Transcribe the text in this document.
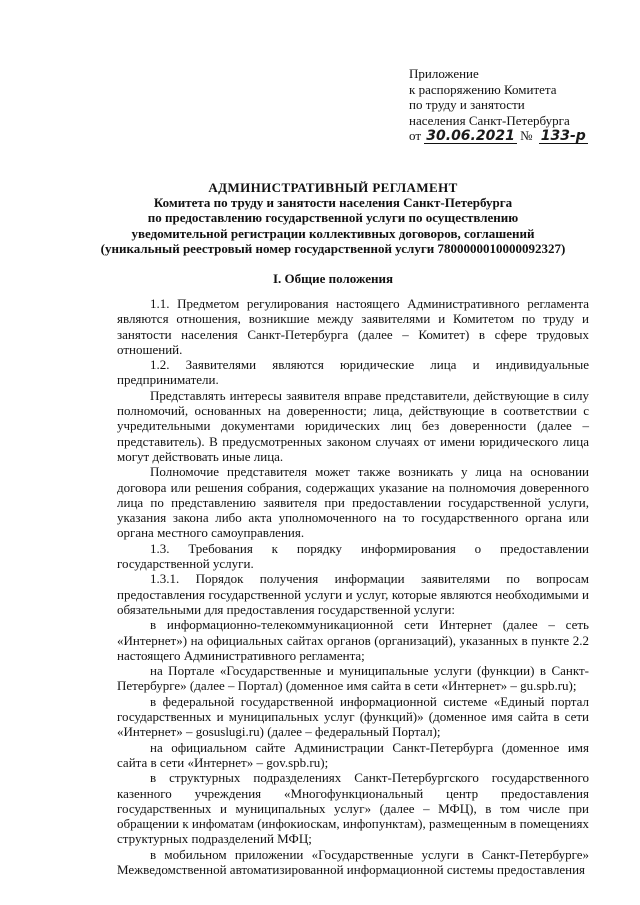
Приложение
к распоряжению Комитета
по труду и занятости
населения Санкт-Петербурга
от 30.06.2021 № 133-р
АДМИНИСТРАТИВНЫЙ РЕГЛАМЕНТ
Комитета по труду и занятости населения Санкт-Петербурга
по предоставлению государственной услуги по осуществлению
уведомительной регистрации коллективных договоров, соглашений
(уникальный реестровый номер государственной услуги 7800000010000092327)
I. Общие положения

1.1. Предметом регулирования настоящего Административного регламента являются отношения, возникшие между заявителями и Комитетом по труду и занятости населения Санкт-Петербурга (далее – Комитет) в сфере трудовых отношений.

1.2. Заявителями являются юридические лица и индивидуальные предприниматели.

Представлять интересы заявителя вправе представители, действующие в силу полномочий, основанных на доверенности; лица, действующие в соответствии с учредительными документами юридических лиц без доверенности (далее – представитель). В предусмотренных законом случаях от имени юридического лица могут действовать иные лица.

Полномочие представителя может также возникать у лица на основании договора или решения собрания, содержащих указание на полномочия доверенного лица по представлению заявителя при предоставлении государственной услуги, указания закона либо акта уполномоченного на то государственного органа или органа местного самоуправления.

1.3. Требования к порядку информирования о предоставлении государственной услуги.

1.3.1. Порядок получения информации заявителями по вопросам предоставления государственной услуги и услуг, которые являются необходимыми и обязательными для предоставления государственной услуги:

в информационно-телекоммуникационной сети Интернет (далее – сеть «Интернет») на официальных сайтах органов (организаций), указанных в пункте 2.2 настоящего Административного регламента;

на Портале «Государственные и муниципальные услуги (функции) в Санкт-Петербурге» (далее – Портал) (доменное имя сайта в сети «Интернет» – gu.spb.ru);

в федеральной государственной информационной системе «Единый портал государственных и муниципальных услуг (функций)» (доменное имя сайта в сети «Интернет» – gosuslugi.ru) (далее – федеральный Портал);

на официальном сайте Администрации Санкт-Петербурга (доменное имя сайта в сети «Интернет» – gov.spb.ru);

в структурных подразделениях Санкт-Петербургского государственного казенного учреждения «Многофункциональный центр предоставления государственных и муниципальных услуг» (далее – МФЦ), в том числе при обращении к инфоматам (инфокиоскам, инфопунктам), размещенным в помещениях структурных подразделений МФЦ;

в мобильном приложении «Государственные услуги в Санкт-Петербурге» Межведомственной автоматизированной информационной системы предоставления
